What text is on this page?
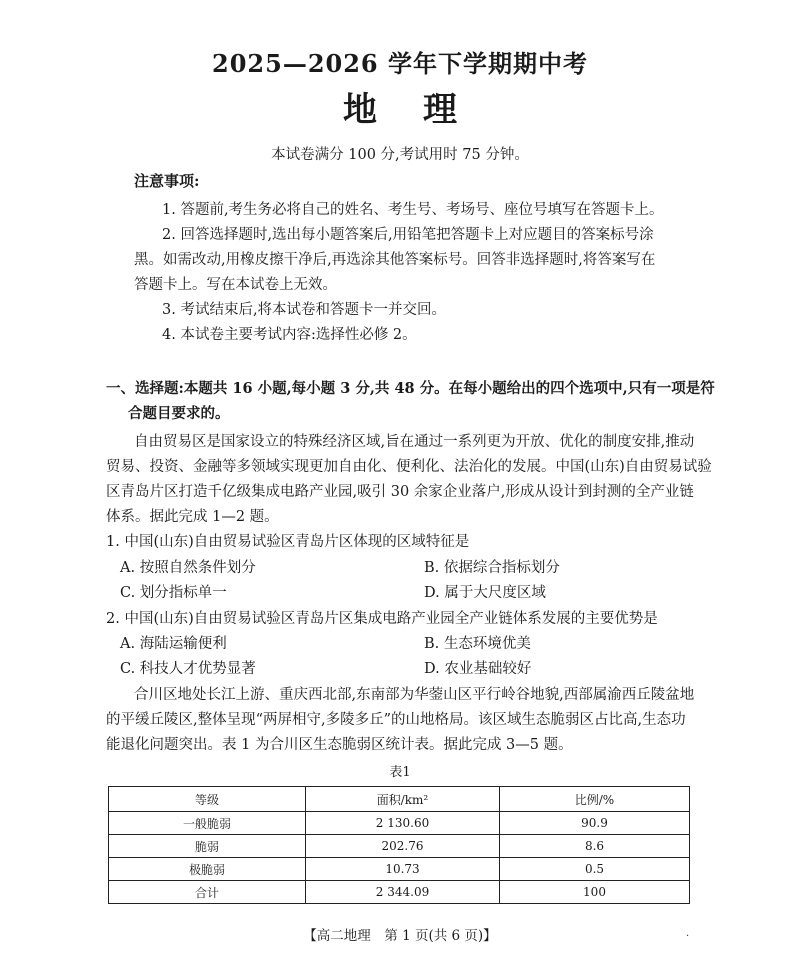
2025—2026 学年下学期期中考
地理
本试卷满分 100 分,考试用时 75 分钟。
注意事项:
1. 答题前,考生务必将自己的姓名、考生号、考场号、座位号填写在答题卡上。
2. 回答选择题时,选出每小题答案后,用铅笔把答题卡上对应题目的答案标号涂
黑。如需改动,用橡皮擦干净后,再选涂其他答案标号。回答非选择题时,将答案写在
答题卡上。写在本试卷上无效。
3. 考试结束后,将本试卷和答题卡一并交回。
4. 本试卷主要考试内容:选择性必修 2。
一、选择题:本题共 16 小题,每小题 3 分,共 48 分。在每小题给出的四个选项中,只有一项是符
合题目要求的。
自由贸易区是国家设立的特殊经济区域,旨在通过一系列更为开放、优化的制度安排,推动
贸易、投资、金融等多领域实现更加自由化、便利化、法治化的发展。中国(山东)自由贸易试验
区青岛片区打造千亿级集成电路产业园,吸引 30 余家企业落户,形成从设计到封测的全产业链
体系。据此完成 1—2 题。
1. 中国(山东)自由贸易试验区青岛片区体现的区域特征是
A. 按照自然条件划分	B. 依据综合指标划分
C. 划分指标单一	D. 属于大尺度区域
2. 中国(山东)自由贸易试验区青岛片区集成电路产业园全产业链体系发展的主要优势是
A. 海陆运输便利	B. 生态环境优美
C. 科技人才优势显著	D. 农业基础较好
合川区地处长江上游、重庆西北部,东南部为华蓥山区平行岭谷地貌,西部属渝西丘陵盆地
的平缓丘陵区,整体呈现“两屏相守,多陵多丘”的山地格局。该区域生态脆弱区占比高,生态功
能退化问题突出。表 1 为合川区生态脆弱区统计表。据此完成 3—5 题。
表1
等级	面积/km²	比例/%
一般脆弱	2 130.60	90.9
脆弱	202.76	8.6
极脆弱	10.73	0.5
合计	2 344.09	100
【高二地理　第 1 页(共 6 页)】	·
